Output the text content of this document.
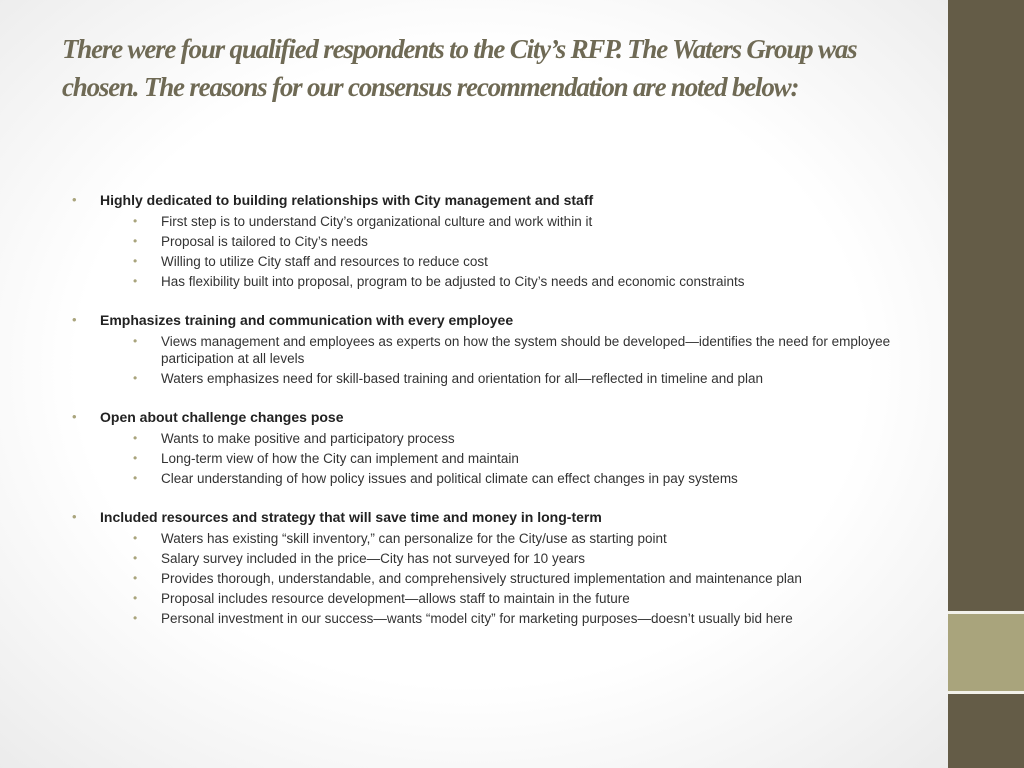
There were four qualified respondents to the City’s RFP. The Waters Group was chosen. The reasons for our consensus recommendation are noted below:
• Highly dedicated to building relationships with City management and staff
• First step is to understand City’s organizational culture and work within it
• Proposal is tailored to City’s needs
• Willing to utilize City staff and resources to reduce cost
• Has flexibility built into proposal, program to be adjusted to City’s needs and economic constraints
• Emphasizes training and communication with every employee
• Views management and employees as experts on how the system should be developed—identifies the need for employee participation at all levels
• Waters emphasizes need for skill-based training and orientation for all—reflected in timeline and plan
• Open about challenge changes pose
• Wants to make positive and participatory process
• Long-term view of how the City can implement and maintain
• Clear understanding of how policy issues and political climate can effect changes in pay systems
• Included resources and strategy that will save time and money in long-term
• Waters has existing “skill inventory,” can personalize for the City/use as starting point
• Salary survey included in the price—City has not surveyed for 10 years
• Provides thorough, understandable, and comprehensively structured implementation and maintenance plan
• Proposal includes resource development—allows staff to maintain in the future
• Personal investment in our success—wants “model city” for marketing purposes—doesn’t usually bid here
